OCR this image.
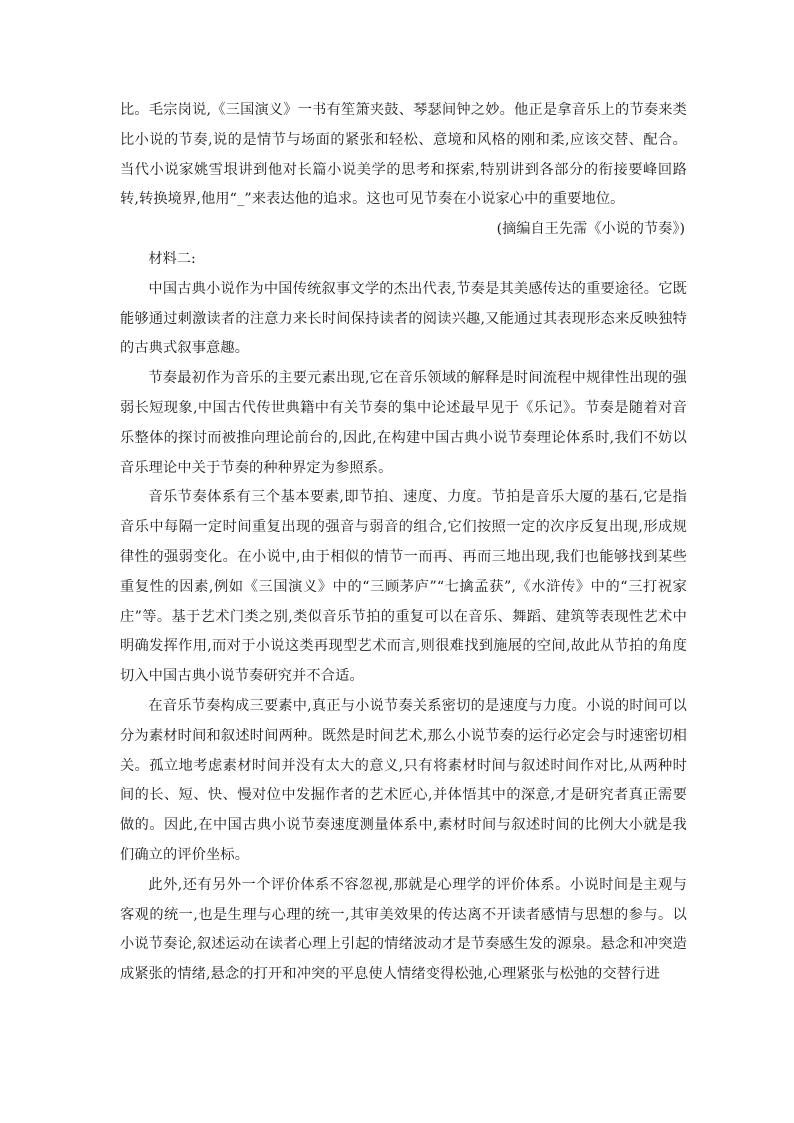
比。毛宗岗说,《三国演义》一书有笙箫夹鼓、琴瑟间钟之妙。他正是拿音乐上的节奏来类比小说的节奏,说的是情节与场面的紧张和轻松、意境和风格的刚和柔,应该交替、配合。当代小说家姚雪垠讲到他对长篇小说美学的思考和探索,特别讲到各部分的衔接要峰回路转,转换境界,他用“_”来表达他的追求。这也可见节奏在小说家心中的重要地位。

(摘编自王先霈《小说的节奏》)

材料二:

中国古典小说作为中国传统叙事文学的杰出代表,节奏是其美感传达的重要途径。它既能够通过刺激读者的注意力来长时间保持读者的阅读兴趣,又能通过其表现形态来反映独特的古典式叙事意趣。

节奏最初作为音乐的主要元素出现,它在音乐领域的解释是时间流程中规律性出现的强弱长短现象,中国古代传世典籍中有关节奏的集中论述最早见于《乐记》。节奏是随着对音乐整体的探讨而被推向理论前台的,因此,在构建中国古典小说节奏理论体系时,我们不妨以音乐理论中关于节奏的种种界定为参照系。

音乐节奏体系有三个基本要素,即节拍、速度、力度。节拍是音乐大厦的基石,它是指音乐中每隔一定时间重复出现的强音与弱音的组合,它们按照一定的次序反复出现,形成规律性的强弱变化。在小说中,由于相似的情节一而再、再而三地出现,我们也能够找到某些重复性的因素,例如《三国演义》中的“三顾茅庐”“七擒孟获”,《水浒传》中的“三打祝家庄”等。基于艺术门类之别,类似音乐节拍的重复可以在音乐、舞蹈、建筑等表现性艺术中明确发挥作用,而对于小说这类再现型艺术而言,则很难找到施展的空间,故此从节拍的角度切入中国古典小说节奏研究并不合适。

在音乐节奏构成三要素中,真正与小说节奏关系密切的是速度与力度。小说的时间可以分为素材时间和叙述时间两种。既然是时间艺术,那么小说节奏的运行必定会与时速密切相关。孤立地考虑素材时间并没有太大的意义,只有将素材时间与叙述时间作对比,从两种时间的长、短、快、慢对位中发掘作者的艺术匠心,并体悟其中的深意,才是研究者真正需要做的。因此,在中国古典小说节奏速度测量体系中,素材时间与叙述时间的比例大小就是我们确立的评价坐标。

此外,还有另外一个评价体系不容忽视,那就是心理学的评价体系。小说时间是主观与客观的统一,也是生理与心理的统一,其审美效果的传达离不开读者感情与思想的参与。以小说节奏论,叙述运动在读者心理上引起的情绪波动才是节奏感生发的源泉。悬念和冲突造成紧张的情绪,悬念的打开和冲突的平息使人情绪变得松弛,心理紧张与松弛的交替行进
